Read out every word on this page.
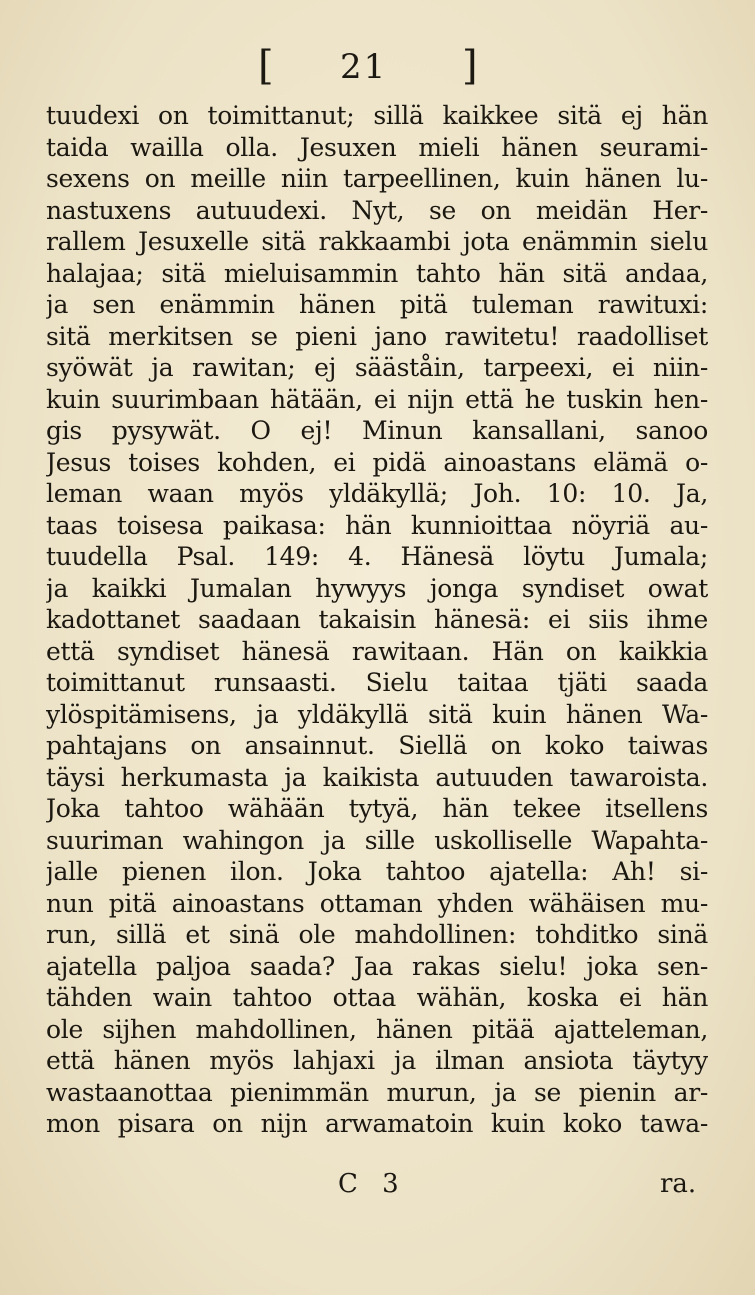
[ 21 ]
tuudexi on toimittanut; sillä kaikkee sitä ej hän
taida wailla olla. Jesuxen mieli hänen seurami-
sexens on meille niin tarpeellinen, kuin hänen lu-
nastuxens autuudexi. Nyt, se on meidän Her-
rallem Jesuxelle sitä rakkaambi jota enämmin sielu
halajaa; sitä mieluisammin tahto hän sitä andaa,
ja sen enämmin hänen pitä tuleman rawituxi:
sitä merkitsen se pieni jano rawitetu! raadolliset
syöwät ja rawitan; ej sääståin, tarpeexi, ei niin-
kuin suurimbaan hätään, ei nijn että he tuskin hen-
gis pysywät. O ej! Minun kansallani, sanoo
Jesus toises kohden, ei pidä ainoastans elämä o-
leman waan myös yldäkyllä; Joh. 10: 10. Ja,
taas toisesa paikasa: hän kunnioittaa nöyriä au-
tuudella Psal. 149: 4. Hänesä löytu Jumala;
ja kaikki Jumalan hywyys jonga syndiset owat
kadottanet saadaan takaisin hänesä: ei siis ihme
että syndiset hänesä rawitaan. Hän on kaikkia
toimittanut runsaasti. Sielu taitaa tjäti saada
ylöspitämisens, ja yldäkyllä sitä kuin hänen Wa-
pahtajans on ansainnut. Siellä on koko taiwas
täysi herkumasta ja kaikista autuuden tawaroista.
Joka tahtoo wähään tytyä, hän tekee itsellens
suuriman wahingon ja sille uskolliselle Wapahta-
jalle pienen ilon. Joka tahtoo ajatella: Ah! si-
nun pitä ainoastans ottaman yhden wähäisen mu-
run, sillä et sinä ole mahdollinen: tohditko sinä
ajatella paljoa saada? Jaa rakas sielu! joka sen-
tähden wain tahtoo ottaa wähän, koska ei hän
ole sijhen mahdollinen, hänen pitää ajatteleman,
että hänen myös lahjaxi ja ilman ansiota täytyy
wastaanottaa pienimmän murun, ja se pienin ar-
mon pisara on nijn arwamatoin kuin koko tawa-
C 3	ra.
